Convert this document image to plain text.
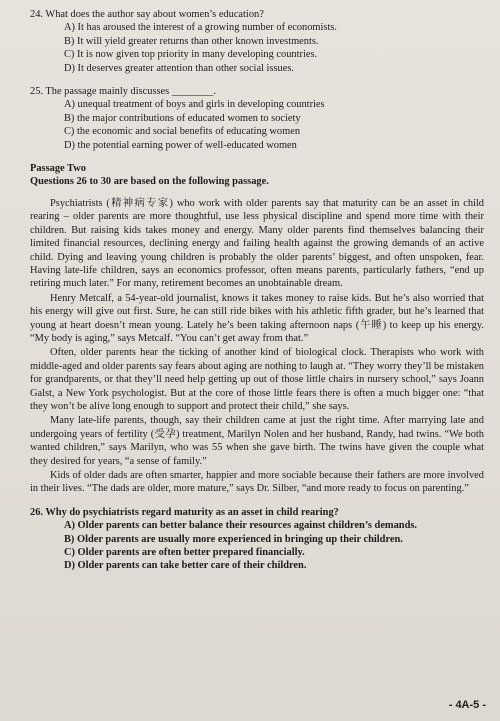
24. What does the author say about women’s education?

A) It has aroused the interest of a growing number of economists.
B) It will yield greater returns than other known investments.
C) It is now given top priority in many developing countries.
D) It deserves greater attention than other social issues.

25. The passage mainly discusses ________.

A) unequal treatment of boys and girls in developing countries
B) the major contributions of educated women to society
C) the economic and social benefits of educating women
D) the potential earning power of well-educated women

Passage Two

Questions 26 to 30 are based on the following passage.

Psychiatrists (精神病专家) who work with older parents say that maturity can be an asset in child rearing – older parents are more thoughtful, use less physical discipline and spend more time with their children. But raising kids takes money and energy. Many older parents find themselves balancing their limited financial resources, declining energy and failing health against the growing demands of an active child. Dying and leaving young children is probably the older parents’ biggest, and often unspoken, fear. Having late-life children, says an economics professor, often means parents, particularly fathers, “end up retiring much later.” For many, retirement becomes an unobtainable dream.

Henry Metcalf, a 54-year-old journalist, knows it takes money to raise kids. But he’s also worried that his energy will give out first. Sure, he can still ride bikes with his athletic fifth grader, but he’s learned that young at heart doesn’t mean young. Lately he’s been taking afternoon naps (午睡) to keep up his energy. “My body is aging,” says Metcalf. “You can’t get away from that.”

Often, older parents hear the ticking of another kind of biological clock. Therapists who work with middle-aged and older parents say fears about aging are nothing to laugh at. “They worry they’ll be mistaken for grandparents, or that they’ll need help getting up out of those little chairs in nursery school,” says Joann Galst, a New York psychologist. But at the core of those little fears there is often a much bigger one: “that they won’t be alive long enough to support and protect their child,” she says.

Many late-life parents, though, say their children came at just the right time. After marrying late and undergoing years of fertility (受孕) treatment, Marilyn Nolen and her husband, Randy, had twins. “We both wanted children,” says Marilyn, who was 55 when she gave birth. The twins have given the couple what they desired for years, “a sense of family.”

Kids of older dads are often smarter, happier and more sociable because their fathers are more involved in their lives. “The dads are older, more mature,” says Dr. Silber, “and more ready to focus on parenting.”

26. Why do psychiatrists regard maturity as an asset in child rearing?

A) Older parents can better balance their resources against children’s demands.
B) Older parents are usually more experienced in bringing up their children.
C) Older parents are often better prepared financially.
D) Older parents can take better care of their children.
- 4A-5 -
